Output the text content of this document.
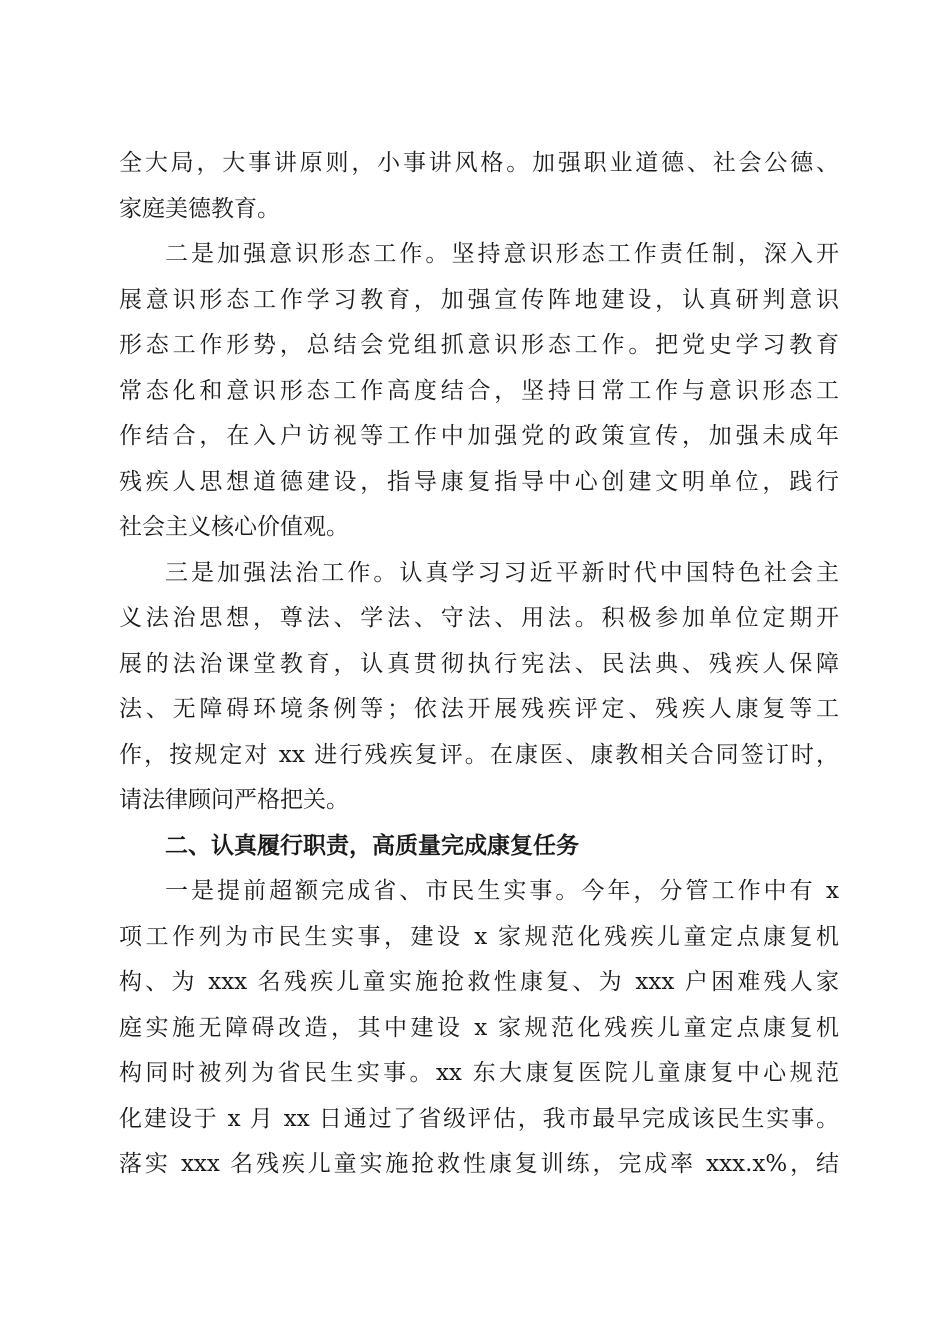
全大局，大事讲原则，小事讲风格。加强职业道德、社会公德、
家庭美德教育。
二是加强意识形态工作。坚持意识形态工作责任制，深入开
展意识形态工作学习教育，加强宣传阵地建设，认真研判意识
形态工作形势，总结会党组抓意识形态工作。把党史学习教育
常态化和意识形态工作高度结合，坚持日常工作与意识形态工
作结合，在入户访视等工作中加强党的政策宣传，加强未成年
残疾人思想道德建设，指导康复指导中心创建文明单位，践行
社会主义核心价值观。
三是加强法治工作。认真学习习近平新时代中国特色社会主
义法治思想，尊法、学法、守法、用法。积极参加单位定期开
展的法治课堂教育，认真贯彻执行宪法、民法典、残疾人保障
法、无障碍环境条例等；依法开展残疾评定、残疾人康复等工
作，按规定对 xx 进行残疾复评。在康医、康教相关合同签订时，
请法律顾问严格把关。
二、认真履行职责，高质量完成康复任务
一是提前超额完成省、市民生实事。今年，分管工作中有 x
项工作列为市民生实事，建设 x 家规范化残疾儿童定点康复机
构、为 xxx 名残疾儿童实施抢救性康复、为 xxx 户困难残人家
庭实施无障碍改造，其中建设 x 家规范化残疾儿童定点康复机
构同时被列为省民生实事。xx 东大康复医院儿童康复中心规范
化建设于 x 月 xx 日通过了省级评估，我市最早完成该民生实事。
落实 xxx 名残疾儿童实施抢救性康复训练，完成率 xxx.x%，结
